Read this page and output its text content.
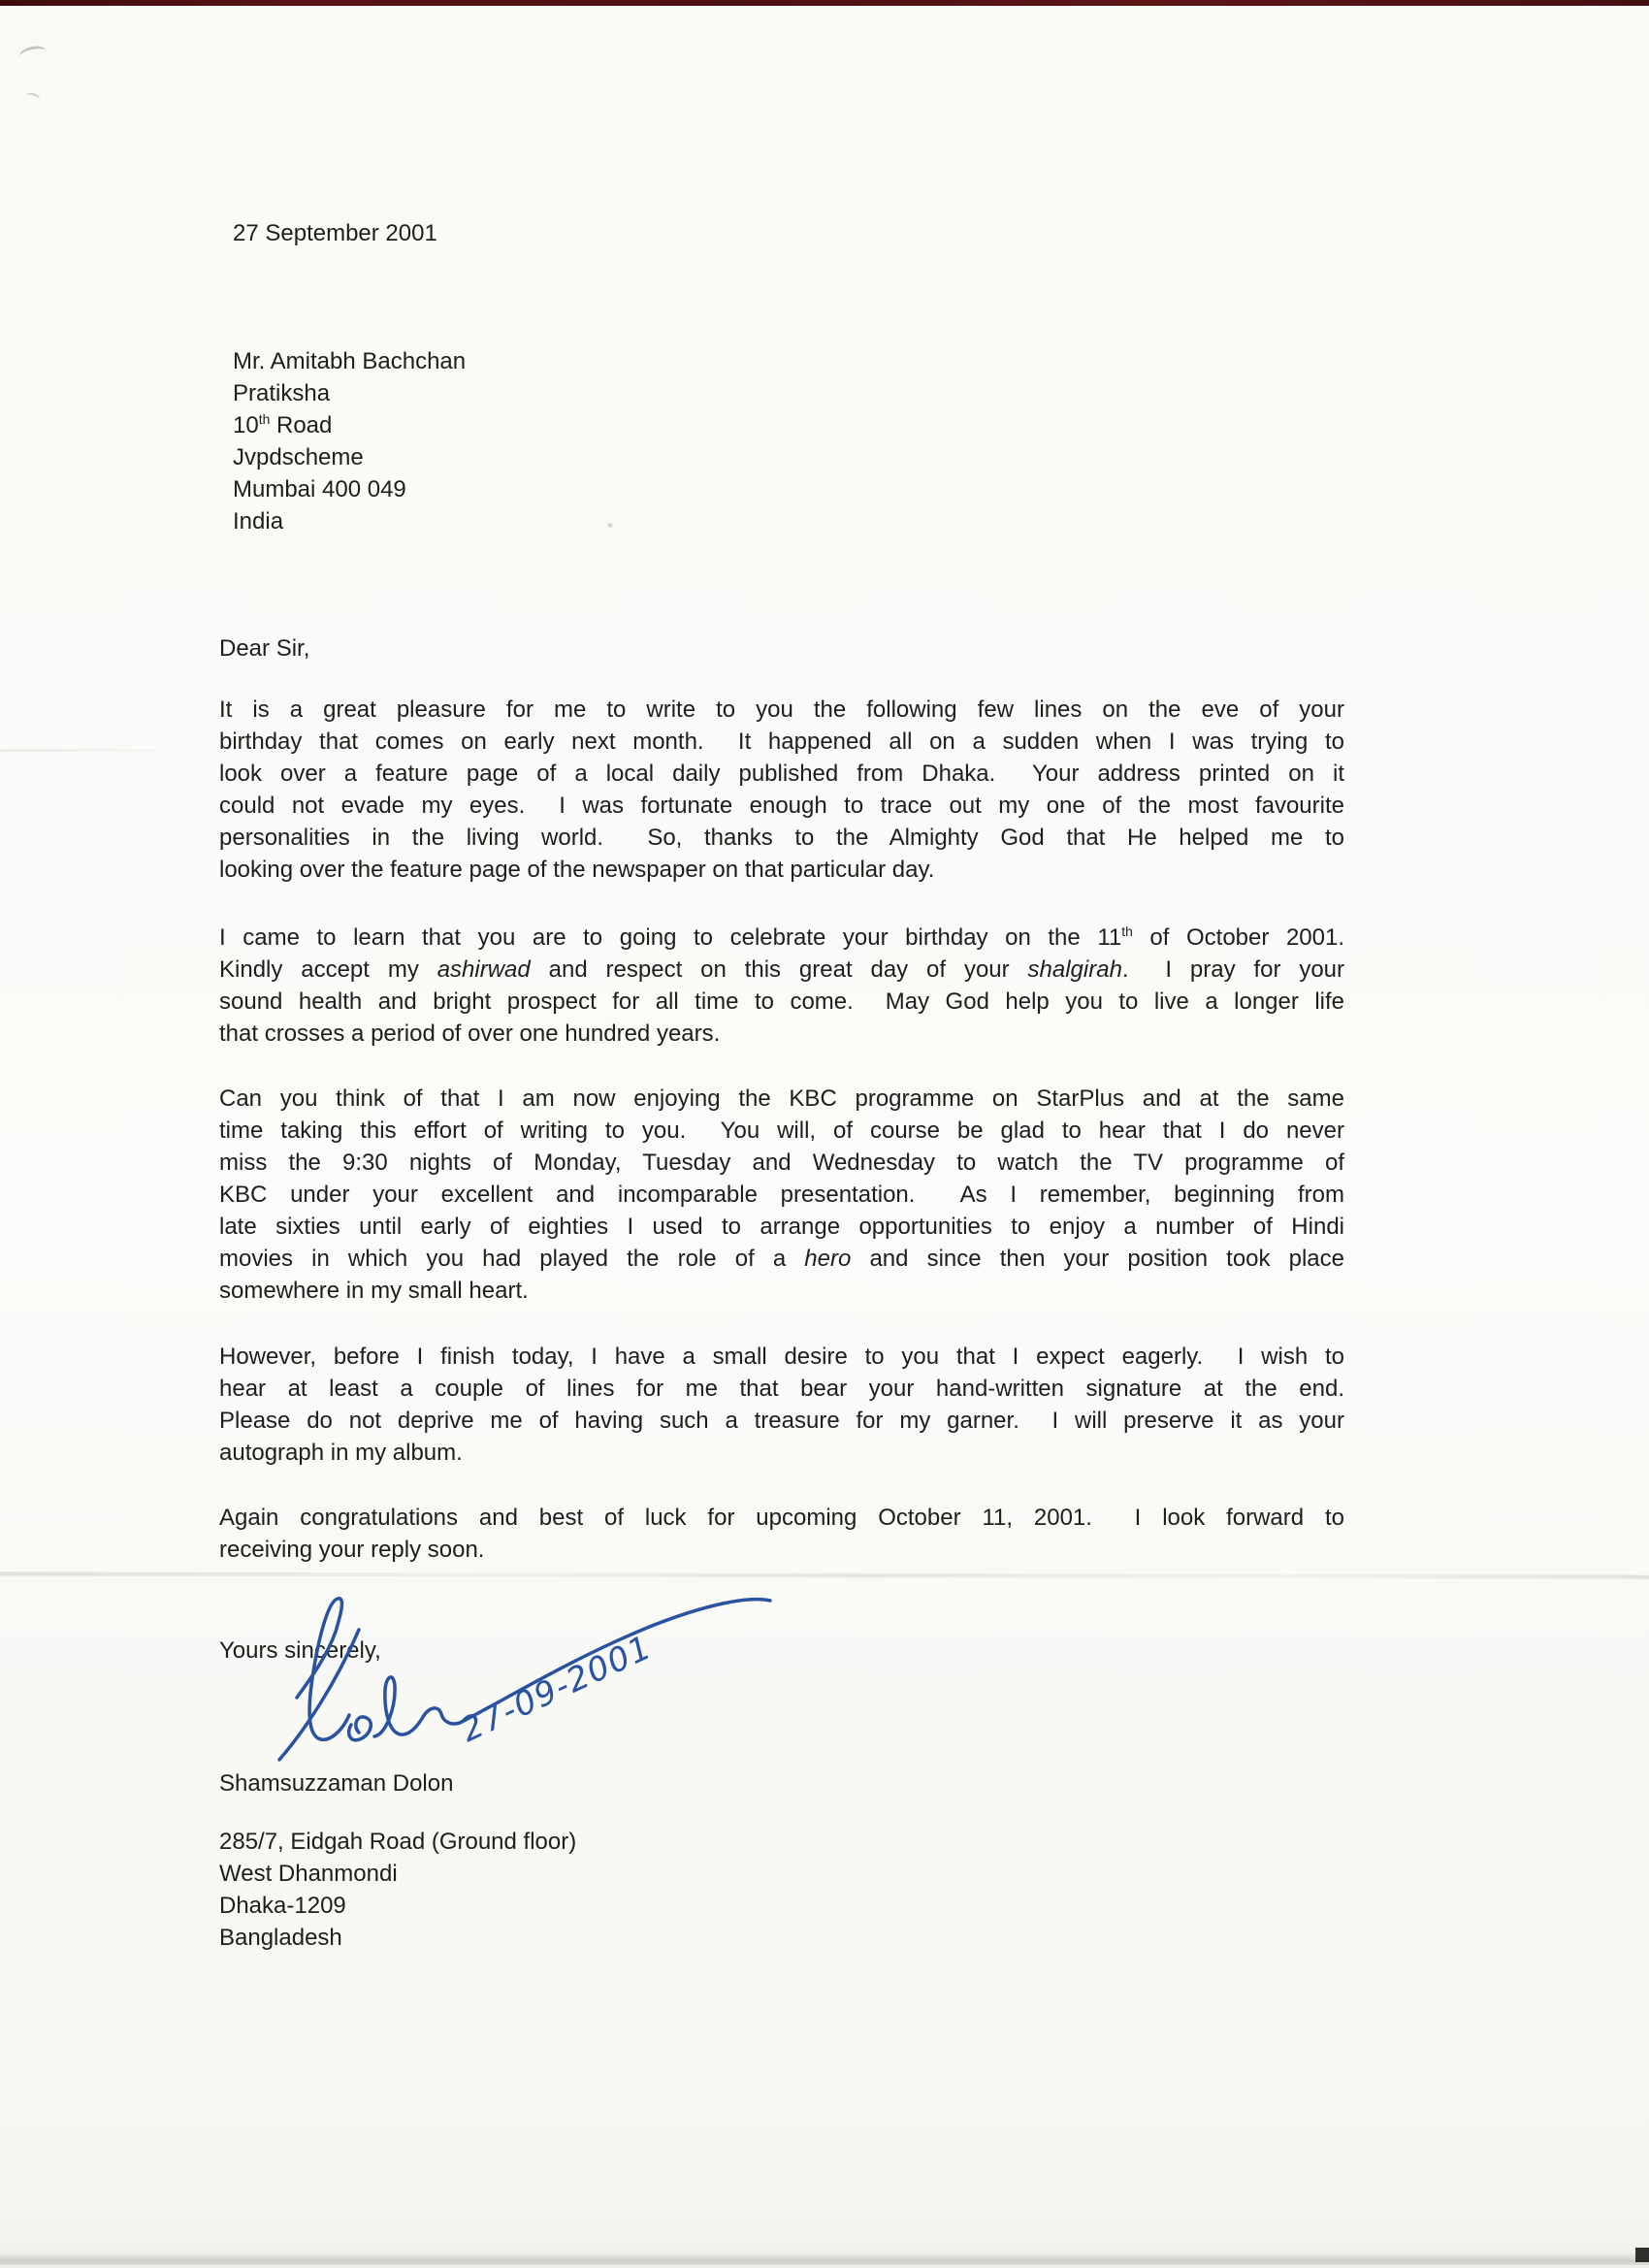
27 September 2001
Mr. Amitabh Bachchan
Pratiksha
10th Road
Jvpdscheme
Mumbai 400 049
India
Dear Sir,
It is a great pleasure for me to write to you the following few lines on the eve of your
birthday that comes on early next month.  It happened all on a sudden when I was trying to
look over a feature page of a local daily published from Dhaka.  Your address printed on it
could not evade my eyes.  I was fortunate enough to trace out my one of the most favourite
personalities in the living world.  So, thanks to the Almighty God that He helped me to
looking over the feature page of the newspaper on that particular day.
I came to learn that you are to going to celebrate your birthday on the 11th of October 2001.
Kindly accept my ashirwad and respect on this great day of your shalgirah.  I pray for your
sound health and bright prospect for all time to come.  May God help you to live a longer life
that crosses a period of over one hundred years.
Can you think of that I am now enjoying the KBC programme on StarPlus and at the same
time taking this effort of writing to you.  You will, of course be glad to hear that I do never
miss the 9:30 nights of Monday, Tuesday and Wednesday to watch the TV programme of
KBC under your excellent and incomparable presentation.  As I remember, beginning from
late sixties until early of eighties I used to arrange opportunities to enjoy a number of Hindi
movies in which you had played the role of a hero and since then your position took place
somewhere in my small heart.
However, before I finish today, I have a small desire to you that I expect eagerly.  I wish to
hear at least a couple of lines for me that bear your hand-written signature at the end.
Please do not deprive me of having such a treasure for my garner.  I will preserve it as your
autograph in my album.
Again congratulations and best of luck for upcoming October 11, 2001.  I look forward to
receiving your reply soon.
Yours sincerely, 27-09-2001
Shamsuzzaman Dolon
285/7, Eidgah Road (Ground floor)
West Dhanmondi
Dhaka-1209
Bangladesh
